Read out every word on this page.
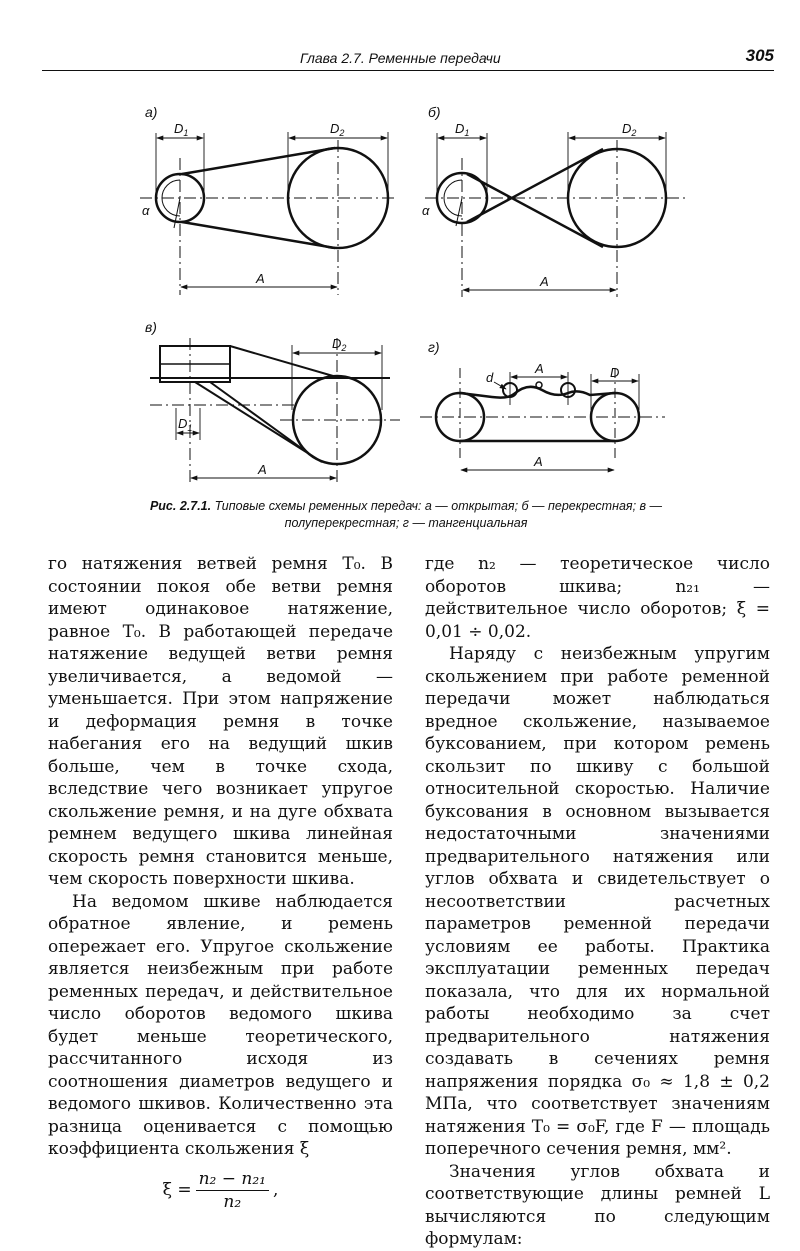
Глава 2.7. Ременные передачи	305
а)
$D_1$	$D_2$
A
α
б)
$D_1$	$D_2$
A
α
в)
$D_2$
$D_1$
A
г)
A	D
d
A
Рис. 2.7.1. Типовые схемы ременных передач: а — открытая; б — перекрестная; в — полуперекрестная; г — тангенциальная

го натяжения ветвей ремня T₀. В состоянии покоя обе ветви ремня имеют одинаковое натяжение, равное T₀. В работающей передаче натяжение ведущей ветви ремня увеличивается, а ведомой — уменьшается. При этом напряжение и деформация ремня в точке набегания его на ведущий шкив больше, чем в точке схода, вследствие чего возникает упругое скольжение ремня, и на дуге обхвата ремнем ведущего шкива линейная скорость ремня становится меньше, чем скорость поверхности шкива.

На ведомом шкиве наблюдается обратное явление, и ремень опережает его. Упругое скольжение является неизбежным при работе ременных передач, и действительное число оборотов ведомого шкива будет меньше теоретического, рассчитанного исходя из соотношения диаметров ведущего и ведомого шкивов. Количественно эта разница оценивается с помощью коэффициента скольжения ξ

$\xi = \frac{\text{n₂ − n₂₁}}{\text{n₂}}$ ,

где n₂ — теоретическое число оборотов шкива; n₂₁ — действительное число оборотов; ξ = 0,01 ÷ 0,02.

Наряду с неизбежным упругим скольжением при работе ременной передачи может наблюдаться вредное скольжение, называемое буксованием, при котором ремень скользит по шкиву с большой относительной скоростью. Наличие буксования в основном вызывается недостаточными значениями предварительного натяжения или углов обхвата и свидетельствует о несоответствии расчетных параметров ременной передачи условиям ее работы. Практика эксплуатации ременных передач показала, что для их нормальной работы необходимо за счет предварительного натяжения создавать в сечениях ремня напряжения порядка σ₀ ≈ 1,8 ± 0,2 МПа, что соответствует значениям натяжения T₀ = σ₀F, где F — площадь поперечного сечения ремня, мм².

Значения углов обхвата и соответствующие длины ремней L вычисляются по следующим формулам:
